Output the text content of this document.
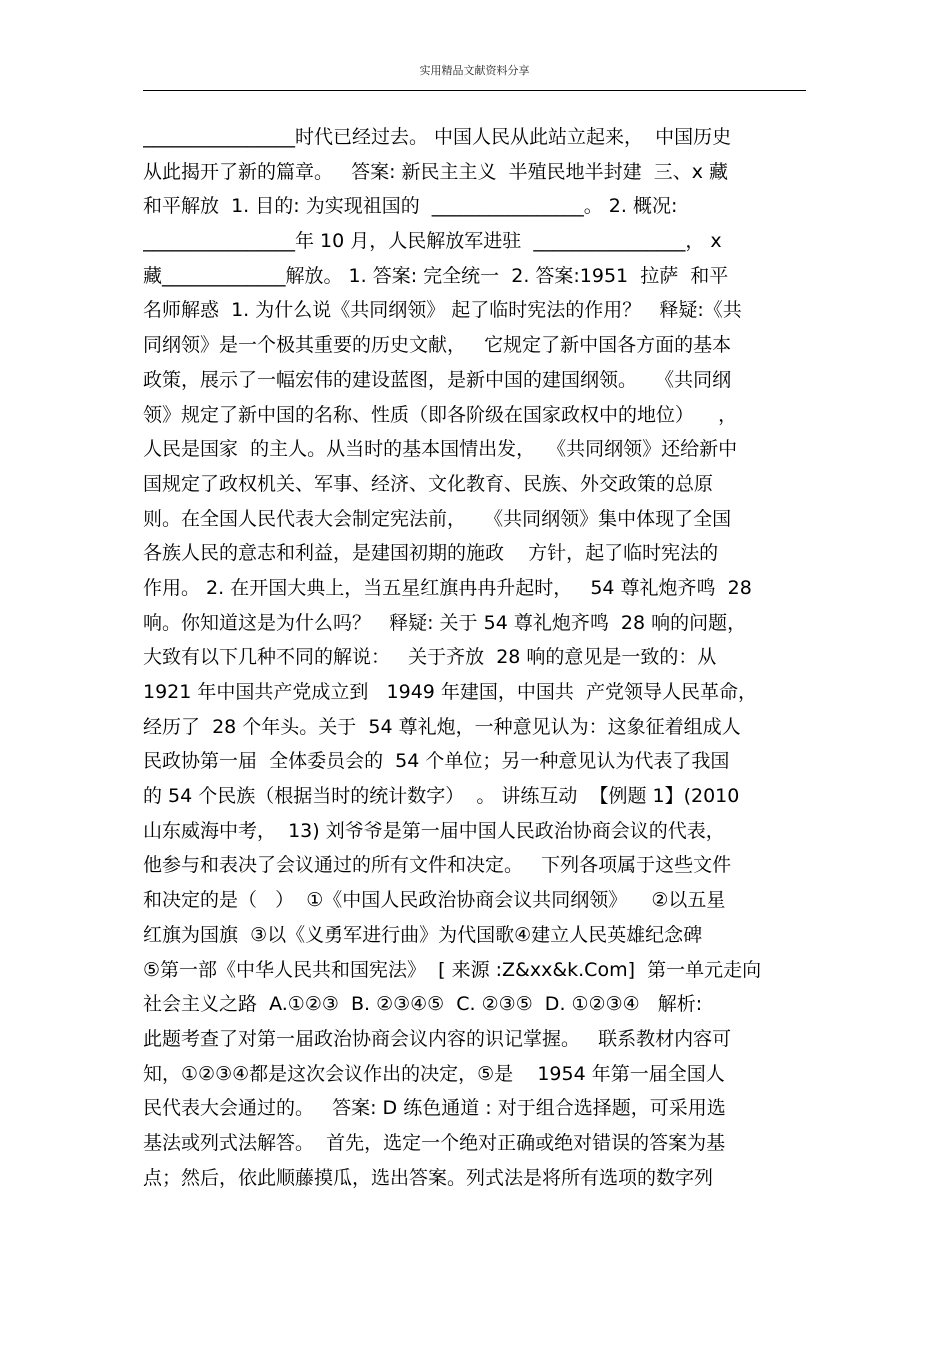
实用精品文献资料分享
________________时代已经过去。 中国人民从此站立起来，  中国历史
从此揭开了新的篇章。   答案: 新民主主义  半殖民地半封建  三、x 藏
和平解放  1. 目的: 为实现祖国的  ________________。 2. 概况:
________________年 10 月，人民解放军进驻  ________________， x
藏_____________解放。 1. 答案: 完全统一  2. 答案:1951  拉萨  和平
名师解惑  1. 为什么说《共同纲领》 起了临时宪法的作用？   释疑:《共
同纲领》是一个极其重要的历史文献，   它规定了新中国各方面的基本
政策，展示了一幅宏伟的建设蓝图，是新中国的建国纲领。   《共同纲
领》规定了新中国的名称、性质（即各阶级在国家政权中的地位）    ，
人民是国家  的主人。从当时的基本国情出发，  《共同纲领》还给新中
国规定了政权机关、军事、经济、文化教育、民族、外交政策的总原
则。在全国人民代表大会制定宪法前，   《共同纲领》集中体现了全国
各族人民的意志和利益，是建国初期的施政    方针，起了临时宪法的
作用。 2. 在开国大典上，当五星红旗冉冉升起时，   54 尊礼炮齐鸣  28
响。你知道这是为什么吗？   释疑: 关于 54 尊礼炮齐鸣  28 响的问题，
大致有以下几种不同的解说：   关于齐放  28 响的意见是一致的：从
1921 年中国共产党成立到   1949 年建国，中国共  产党领导人民革命，
经历了  28 个年头。关于  54 尊礼炮，一种意见认为：这象征着组成人
民政协第一届  全体委员会的  54 个单位；另一种意见认为代表了我国
的 54 个民族（根据当时的统计数字）  。 讲练互动  【例题 1】(2010
山东威海中考，  13) 刘爷爷是第一届中国人民政治协商会议的代表，
他参与和表决了会议通过的所有文件和决定。   下列各项属于这些文件
和决定的是（   ）  ①《中国人民政治协商会议共同纲领》    ②以五星
红旗为国旗  ③以《义勇军进行曲》为代国歌④建立人民英雄纪念碑
⑤第一部《中华人民共和国宪法》  [ 来源 :Z&xx&k.Com]  第一单元走向
社会主义之路  A.①②③  B. ②③④⑤  C. ②③⑤  D. ①②③④   解析:
此题考查了对第一届政治协商会议内容的识记掌握。   联系教材内容可
知，①②③④都是这次会议作出的决定，⑤是    1954 年第一届全国人
民代表大会通过的。   答案: D 练色通道 : 对于组合选择题，可采用选
基法或列式法解答。  首先，选定一个绝对正确或绝对错误的答案为基
点；然后，依此顺藤摸瓜，选出答案。列式法是将所有选项的数字列
